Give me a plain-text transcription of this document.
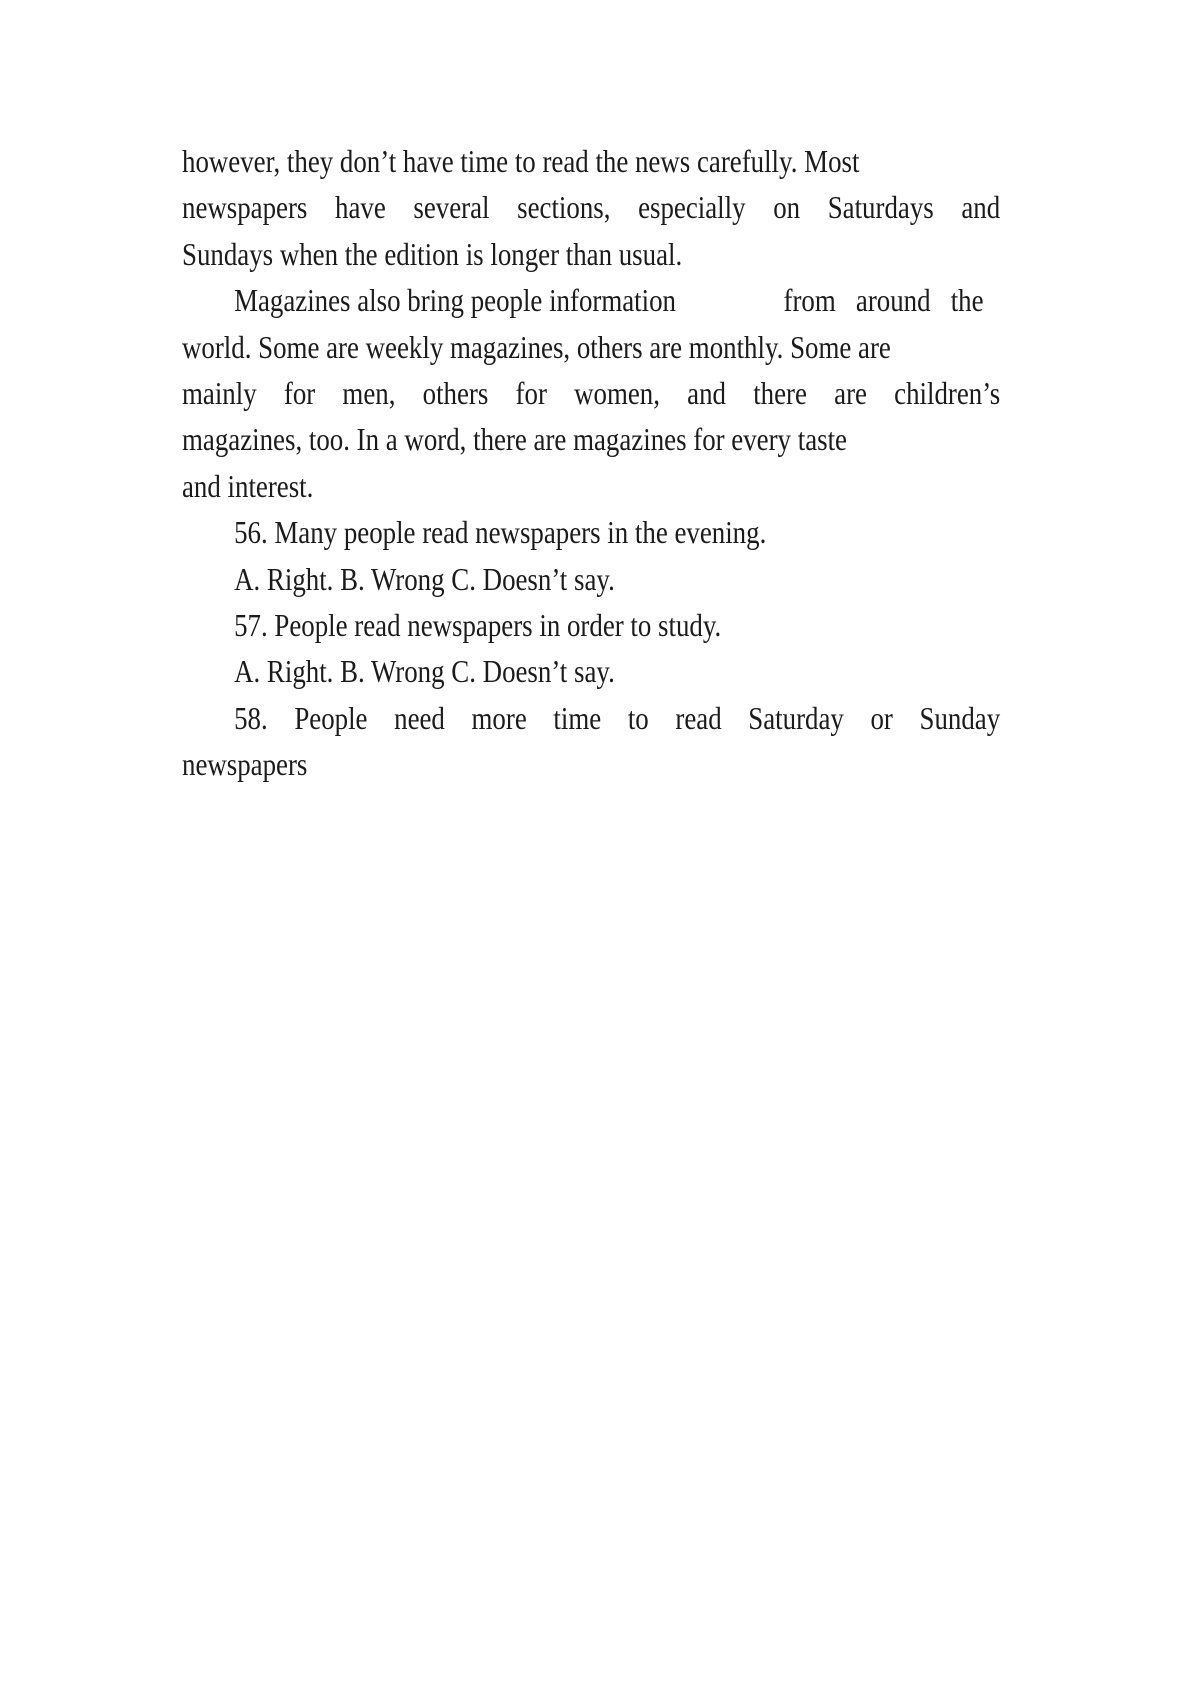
however, they don’t have time to read the news carefully. Most
newspapers have several sections, especially on Saturdays and
Sundays when the edition is longer than usual.
Magazines also bring people information                from   around   the
world. Some are weekly magazines, others are monthly. Some are
mainly for men, others for women, and there are children’s
magazines, too. In a word, there are magazines for every taste
and interest.
56. Many people read newspapers in the evening.
A. Right. B. Wrong C. Doesn’t say.
57. People read newspapers in order to study.
A. Right. B. Wrong C. Doesn’t say.
58. People need more time to read Saturday or Sunday
newspapers
